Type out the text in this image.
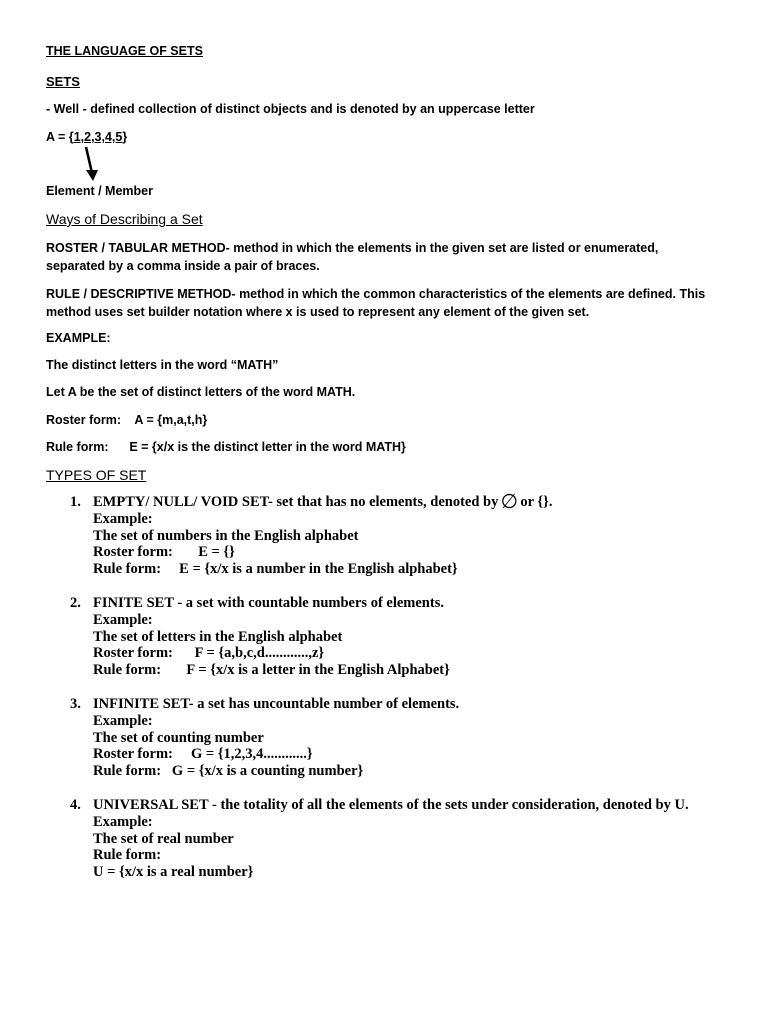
THE LANGUAGE OF SETS
SETS
- Well - defined collection of distinct objects and is denoted by an uppercase letter
A = {1,2,3,4,5}
Element / Member
Ways of Describing a Set
ROSTER / TABULAR METHOD- method in which the elements in the given set are listed or enumerated, separated by a comma inside a pair of braces.
RULE / DESCRIPTIVE METHOD- method in which the common characteristics of the elements are defined. This method uses set builder notation where x is used to represent any element of the given set.
EXAMPLE:
The distinct letters in the word “MATH”
Let A be the set of distinct letters of the word MATH.
Roster form:    A = {m,a,t,h}
Rule form:      E = {x/x is the distinct letter in the word MATH}
TYPES OF SET
1. EMPTY/ NULL/ VOID SET- set that has no elements, denoted by ∅ or {}.
Example:
The set of numbers in the English alphabet
Roster form:       E = {}
Rule form:     E = {x/x is a number in the English alphabet}
2. FINITE SET - a set with countable numbers of elements.
Example:
The set of letters in the English alphabet
Roster form:      F = {a,b,c,d............,z}
Rule form:       F = {x/x is a letter in the English Alphabet}
3. INFINITE SET- a set has uncountable number of elements.
Example:
The set of counting number
Roster form:     G = {1,2,3,4............}
Rule form:   G = {x/x is a counting number}
4. UNIVERSAL SET - the totality of all the elements of the sets under consideration, denoted by U.
Example:
The set of real number
Rule form:
U = {x/x is a real number}
